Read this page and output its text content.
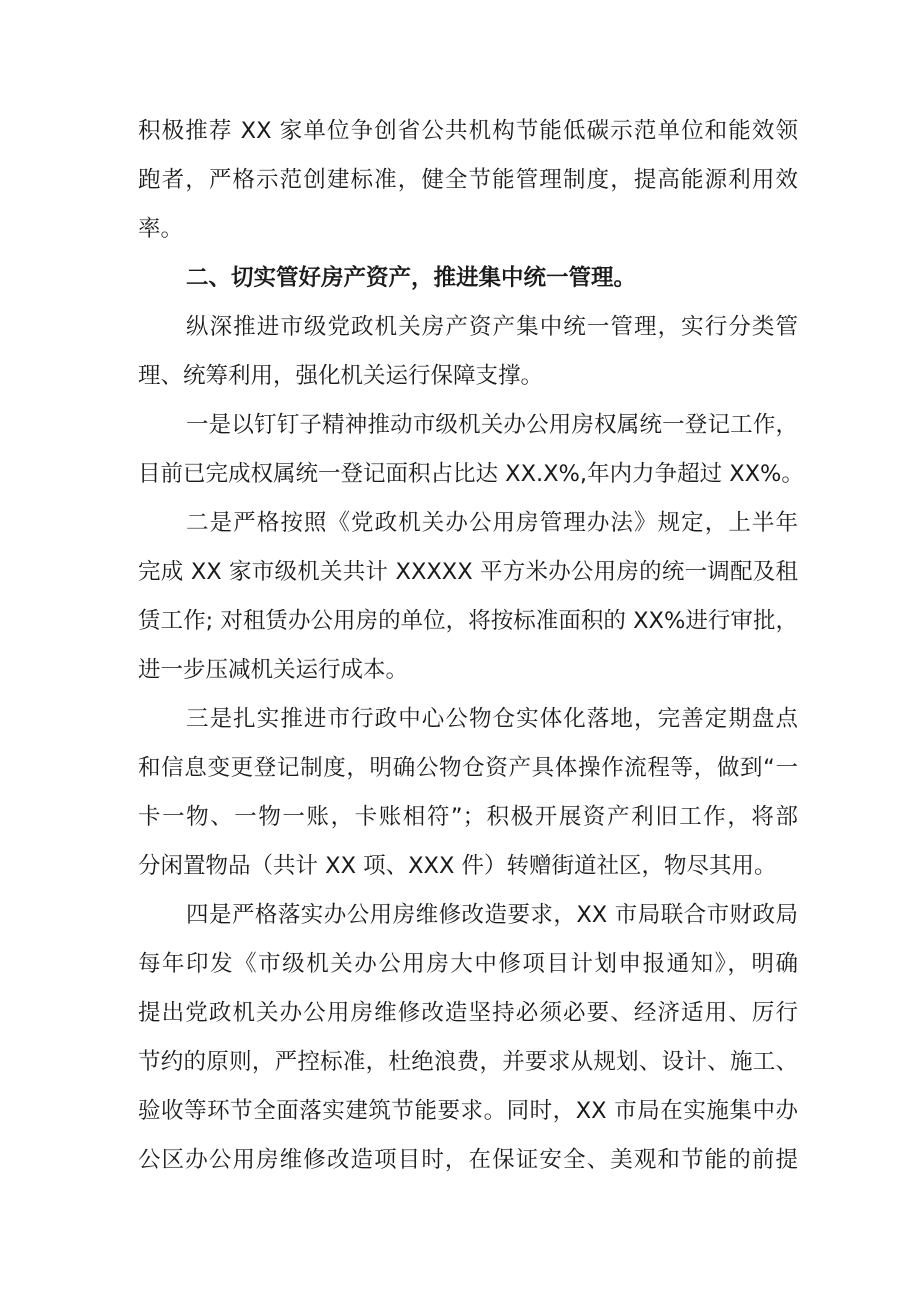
积极推荐 XX 家单位争创省公共机构节能低碳示范单位和能效领
跑者，严格示范创建标准，健全节能管理制度，提高能源利用效
率。
二、切实管好房产资产，推进集中统一管理。
纵深推进市级党政机关房产资产集中统一管理，实行分类管
理、统筹利用，强化机关运行保障支撑。
一是以钉钉子精神推动市级机关办公用房权属统一登记工作，
目前已完成权属统一登记面积占比达 XX.X%,年内力争超过 XX%。
二是严格按照《党政机关办公用房管理办法》规定，上半年
完成 XX 家市级机关共计 XXXXX 平方米办公用房的统一调配及租
赁工作; 对租赁办公用房的单位，将按标准面积的 XX%进行审批，
进一步压减机关运行成本。
三是扎实推进市行政中心公物仓实体化落地，完善定期盘点
和信息变更登记制度，明确公物仓资产具体操作流程等，做到“一
卡一物、一物一账，卡账相符”；积极开展资产利旧工作，将部
分闲置物品（共计 XX 项、XXX 件）转赠街道社区，物尽其用。
四是严格落实办公用房维修改造要求，XX 市局联合市财政局
每年印发《市级机关办公用房大中修项目计划申报通知》，明确
提出党政机关办公用房维修改造坚持必须必要、经济适用、厉行
节约的原则，严控标准，杜绝浪费，并要求从规划、设计、施工、
验收等环节全面落实建筑节能要求。同时，XX 市局在实施集中办
公区办公用房维修改造项目时，在保证安全、美观和节能的前提
